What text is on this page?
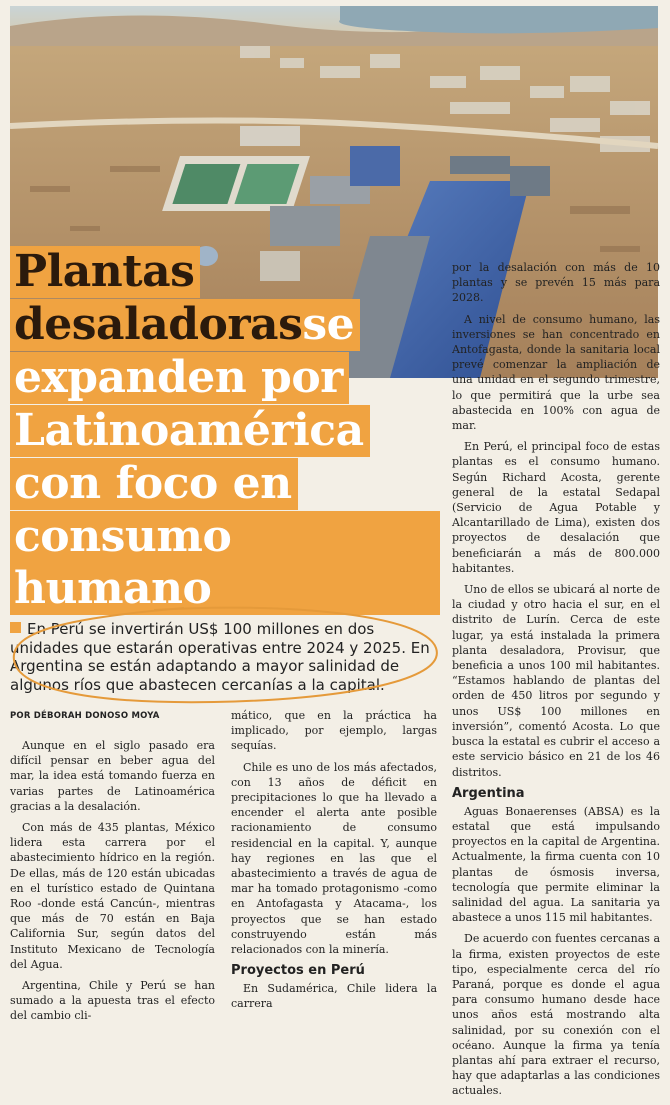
Plantas
desaladorasse
expanden por
Latinoamérica
con foco en
consumo humano
En Perú se invertirán US$ 100 millones en dos unidades que estarán operativas entre 2024 y 2025. En Argentina se están adaptando a mayor salinidad de algunos ríos que abastecen cercanías a la capital.
POR DÉBORAH DONOSO MOYA

Aunque en el siglo pasado era difícil pensar en beber agua del mar, la idea está tomando fuerza en varias partes de Latinoamérica gracias a la desalación.

Con más de 435 plantas, México lidera esta carrera por el abastecimiento hídrico en la región. De ellas, más de 120 están ubicadas en el turístico estado de Quintana Roo -donde está Cancún-, mientras que más de 70 están en Baja California Sur, según datos del Instituto Mexicano de Tecnología del Agua.

Argentina, Chile y Perú se han sumado a la apuesta tras el efecto del cambio cli-

mático, que en la práctica ha implicado, por ejemplo, largas sequías.

Chile es uno de los más afectados, con 13 años de déficit en precipitaciones lo que ha llevado a encender el alerta ante posible racionamiento de consumo residencial en la capital. Y, aunque hay regiones en las que el abastecimiento a través de agua de mar ha tomado protagonismo -como en Antofagasta y Atacama-, los proyectos que se han estado construyendo están más relacionados con la minería.

Proyectos en Perú

En Sudamérica, Chile lidera la carrera

por la desalación con más de 10 plantas y se prevén 15 más para 2028.

A nivel de consumo humano, las inversiones se han concentrado en Antofagasta, donde la sanitaria local prevé comenzar la ampliación de una unidad en el segundo trimestre, lo que permitirá que la urbe sea abastecida en 100% con agua de mar.

En Perú, el principal foco de estas plantas es el consumo humano. Según Richard Acosta, gerente general de la estatal Sedapal (Servicio de Agua Potable y Alcantarillado de Lima), existen dos proyectos de desalación que beneficiarán a más de 800.000 habitantes.

Uno de ellos se ubicará al norte de la ciudad y otro hacia el sur, en el distrito de Lurín. Cerca de este lugar, ya está instalada la primera planta desaladora, Provisur, que beneficia a unos 100 mil habitantes. “Estamos hablando de plantas del orden de 450 litros por segundo y unos US$ 100 millones en inversión”, comentó Acosta. Lo que busca la estatal es cubrir el acceso a este servicio básico en 21 de los 46 distritos.

Argentina

Aguas Bonaerenses (ABSA) es la estatal que está impulsando proyectos en la capital de Argentina. Actualmente, la firma cuenta con 10 plantas de ósmosis inversa, tecnología que permite eliminar la salinidad del agua. La sanitaria ya abastece a unos 115 mil habitantes.

De acuerdo con fuentes cercanas a la firma, existen proyectos de este tipo, especialmente cerca del río Paraná, porque es donde el agua para consumo humano desde hace unos años está mostrando alta salinidad, por su conexión con el océano. Aunque la firma ya tenía plantas ahí para extraer el recurso, hay que adaptarlas a las condiciones actuales.
